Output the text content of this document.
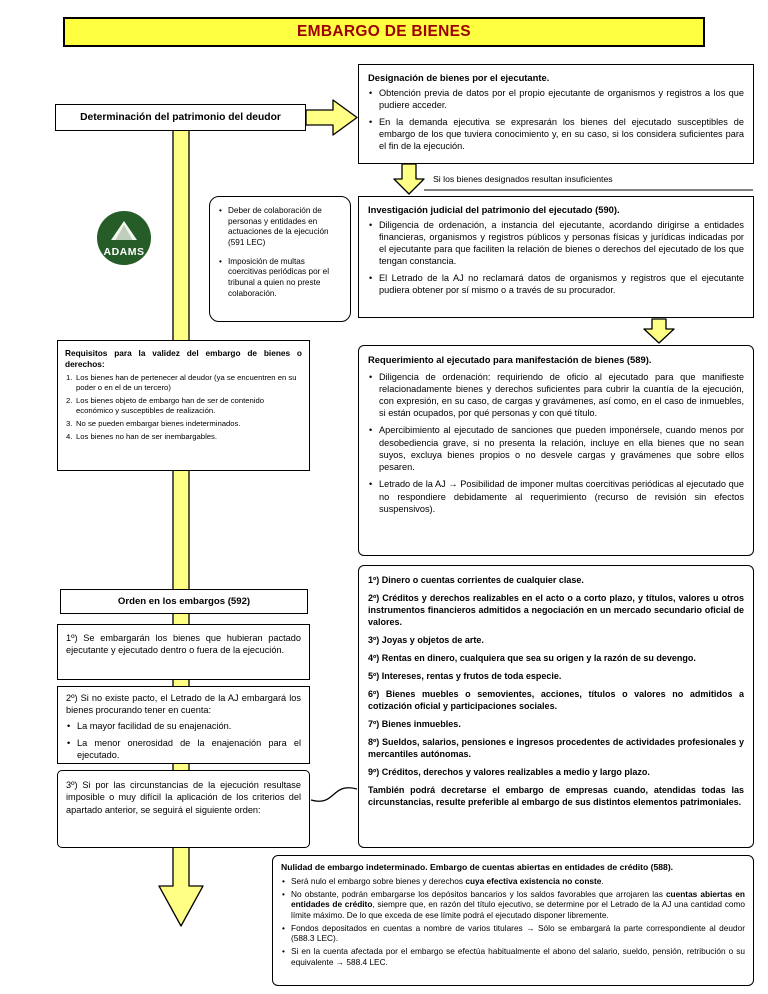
EMBARGO DE BIENES
Determinación del patrimonio del deudor
ADAMS
• Deber de colaboración de personas y entidades en actuaciones de la ejecución (591 LEC)
• Imposición de multas coercitivas periódicas por el tribunal a quien no preste colaboración.
Requisitos para la validez del embargo de bienes o derechos:
1. Los bienes han de pertenecer al deudor (ya se encuentren en su poder o en el de un tercero)
2. Los bienes objeto de embargo han de ser de contenido económico y susceptibles de realización.
3. No se pueden embargar bienes indeterminados.
4. Los bienes no han de ser inembargables.
Orden en los embargos (592)
1º) Se embargarán los bienes que hubieran pactado ejecutante y ejecutado dentro o fuera de la ejecución.
2º) Si no existe pacto, el Letrado de la AJ embargará los bienes procurando tener en cuenta:
• La mayor facilidad de su enajenación.
• La menor onerosidad de la enajenación para el ejecutado.
3º) Si por las circunstancias de la ejecución resultase imposible o muy difícil la aplicación de los criterios del apartado anterior, se seguirá el siguiente orden:
Designación de bienes por el ejecutante.
• Obtención previa de datos por el propio ejecutante de organismos y registros a los que pudiere acceder.
• En la demanda ejecutiva se expresarán los bienes del ejecutado susceptibles de embargo de los que tuviera conocimiento y, en su caso, si los considera suficientes para el fin de la ejecución.
Si los bienes designados resultan insuficientes
Investigación judicial del patrimonio del ejecutado (590).
• Diligencia de ordenación, a instancia del ejecutante, acordando dirigirse a entidades financieras, organismos y registros públicos y personas físicas y jurídicas indicadas por el ejecutante para que faciliten la relación de bienes o derechos del ejecutado de los que tengan constancia.
• El Letrado de la AJ no reclamará datos de organismos y registros que el ejecutante pudiera obtener por sí mismo o a través de su procurador.
Requerimiento al ejecutado para manifestación de bienes (589).
• Diligencia de ordenación: requiriendo de oficio al ejecutado para que manifieste relacionadamente bienes y derechos suficientes para cubrir la cuantía de la ejecución, con expresión, en su caso, de cargas y gravámenes, así como, en el caso de inmuebles, si están ocupados, por qué personas y con qué título.
• Apercibimiento al ejecutado de sanciones que pueden imponérsele, cuando menos por desobediencia grave, si no presenta la relación, incluye en ella bienes que no sean suyos, excluya bienes propios o no desvele cargas y gravámenes que sobre ellos pesaren.
• Letrado de la AJ → Posibilidad de imponer multas coercitivas periódicas al ejecutado que no respondiere debidamente al requerimiento (recurso de revisión sin efectos suspensivos).
1º) Dinero o cuentas corrientes de cualquier clase.
2º) Créditos y derechos realizables en el acto o a corto plazo, y títulos, valores u otros instrumentos financieros admitidos a negociación en un mercado secundario oficial de valores.
3º) Joyas y objetos de arte.
4º) Rentas en dinero, cualquiera que sea su origen y la razón de su devengo.
5º) Intereses, rentas y frutos de toda especie.
6º) Bienes muebles o semovientes, acciones, títulos o valores no admitidos a cotización oficial y participaciones sociales.
7º) Bienes inmuebles.
8º) Sueldos, salarios, pensiones e ingresos procedentes de actividades profesionales y mercantiles autónomas.
9º) Créditos, derechos y valores realizables a medio y largo plazo.
También podrá decretarse el embargo de empresas cuando, atendidas todas las circunstancias, resulte preferible al embargo de sus distintos elementos patrimoniales.
Nulidad de embargo indeterminado. Embargo de cuentas abiertas en entidades de crédito (588).
• Será nulo el embargo sobre bienes y derechos cuya efectiva existencia no conste.
• No obstante, podrán embargarse los depósitos bancarios y los saldos favorables que arrojaren las cuentas abiertas en entidades de crédito, siempre que, en razón del título ejecutivo, se determine por el Letrado de la AJ una cantidad como límite máximo. De lo que exceda de ese límite podrá el ejecutado disponer libremente.
• Fondos depositados en cuentas a nombre de varios titulares → Sólo se embargará la parte correspondiente al deudor (588.3 LEC).
• Si en la cuenta afectada por el embargo se efectúa habitualmente el abono del salario, sueldo, pensión, retribución o su equivalente → 588.4 LEC.
